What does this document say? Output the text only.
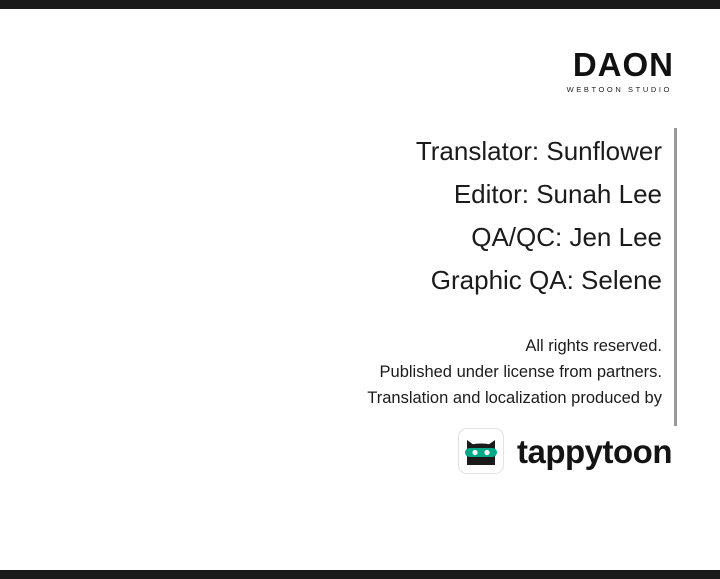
DAON
WEBTOON STUDIO
Translator: Sunflower
Editor: Sunah Lee
QA/QC: Jen Lee
Graphic QA: Selene
All rights reserved.
Published under license from partners.
Translation and localization produced by
tappytoon
